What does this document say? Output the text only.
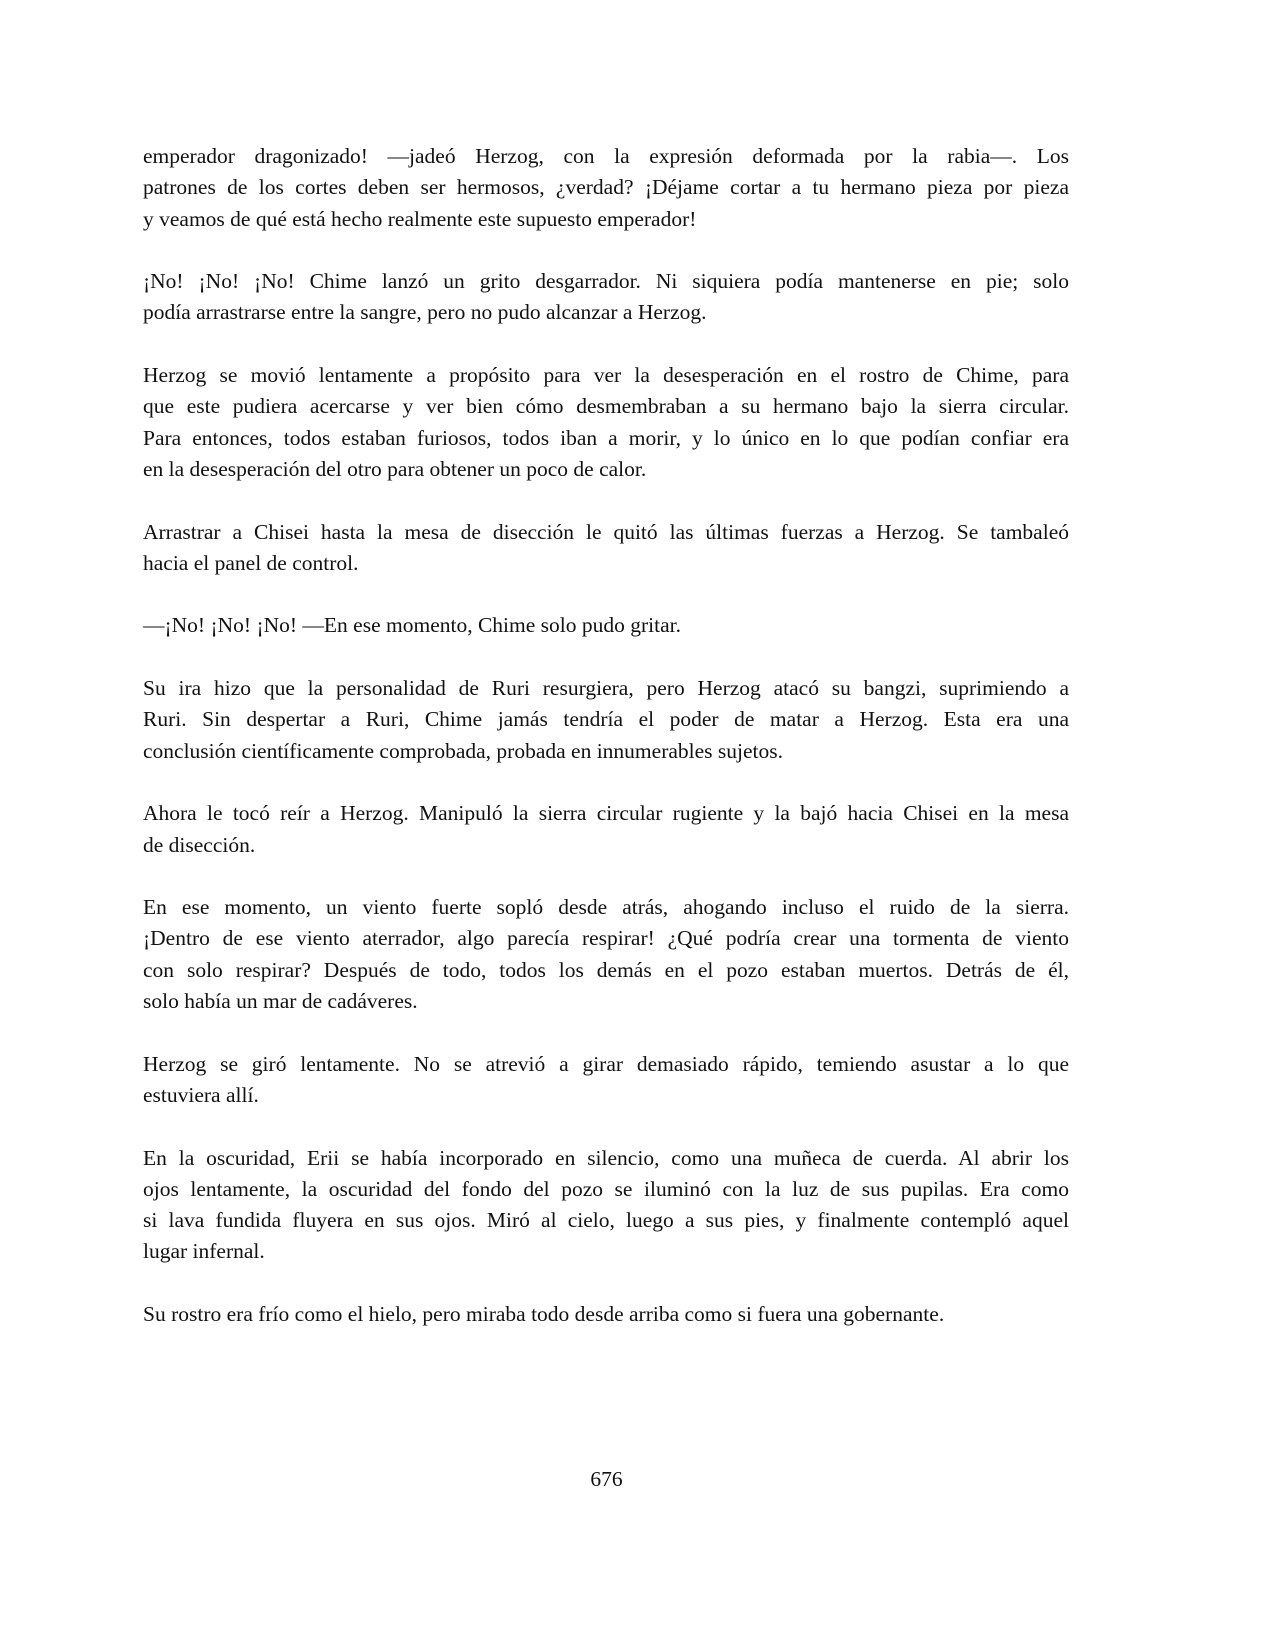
emperador dragonizado! —jadeó Herzog, con la expresión deformada por la rabia—. Los
patrones de los cortes deben ser hermosos, ¿verdad? ¡Déjame cortar a tu hermano pieza por pieza
y veamos de qué está hecho realmente este supuesto emperador!
¡No! ¡No! ¡No! Chime lanzó un grito desgarrador. Ni siquiera podía mantenerse en pie; solo
podía arrastrarse entre la sangre, pero no pudo alcanzar a Herzog.
Herzog se movió lentamente a propósito para ver la desesperación en el rostro de Chime, para
que este pudiera acercarse y ver bien cómo desmembraban a su hermano bajo la sierra circular.
Para entonces, todos estaban furiosos, todos iban a morir, y lo único en lo que podían confiar era
en la desesperación del otro para obtener un poco de calor.
Arrastrar a Chisei hasta la mesa de disección le quitó las últimas fuerzas a Herzog. Se tambaleó
hacia el panel de control.
—¡No! ¡No! ¡No! —En ese momento, Chime solo pudo gritar.
Su ira hizo que la personalidad de Ruri resurgiera, pero Herzog atacó su bangzi, suprimiendo a
Ruri. Sin despertar a Ruri, Chime jamás tendría el poder de matar a Herzog. Esta era una
conclusión científicamente comprobada, probada en innumerables sujetos.
Ahora le tocó reír a Herzog. Manipuló la sierra circular rugiente y la bajó hacia Chisei en la mesa
de disección.
En ese momento, un viento fuerte sopló desde atrás, ahogando incluso el ruido de la sierra.
¡Dentro de ese viento aterrador, algo parecía respirar! ¿Qué podría crear una tormenta de viento
con solo respirar? Después de todo, todos los demás en el pozo estaban muertos. Detrás de él,
solo había un mar de cadáveres.
Herzog se giró lentamente. No se atrevió a girar demasiado rápido, temiendo asustar a lo que
estuviera allí.
En la oscuridad, Erii se había incorporado en silencio, como una muñeca de cuerda. Al abrir los
ojos lentamente, la oscuridad del fondo del pozo se iluminó con la luz de sus pupilas. Era como
si lava fundida fluyera en sus ojos. Miró al cielo, luego a sus pies, y finalmente contempló aquel
lugar infernal.
Su rostro era frío como el hielo, pero miraba todo desde arriba como si fuera una gobernante.
676
